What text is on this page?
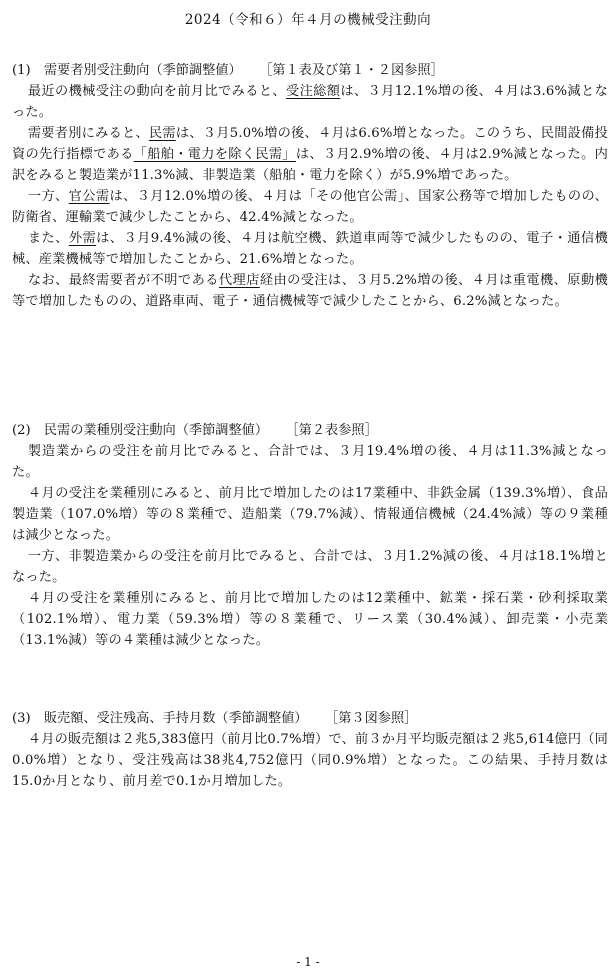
2024（令和６）年４月の機械受注動向
(1)　需要者別受注動向（季節調整値） ［第１表及び第１・２図参照］

最近の機械受注の動向を前月比でみると、受注総額は、３月12.1%増の後、４月は3.6%減となった。

需要者別にみると、民需は、３月5.0%増の後、４月は6.6%増となった。このうち、民間設備投資の先行指標である「船舶・電力を除く民需」は、３月2.9%増の後、４月は2.9%減となった。内訳をみると製造業が11.3%減、非製造業（船舶・電力を除く）が5.9%増であった。

一方、官公需は、３月12.0%増の後、４月は「その他官公需」、国家公務等で増加したものの、防衛省、運輸業で減少したことから、42.4%減となった。

また、外需は、３月9.4%減の後、４月は航空機、鉄道車両等で減少したものの、電子・通信機械、産業機械等で増加したことから、21.6%増となった。

なお、最終需要者が不明である代理店経由の受注は、３月5.2%増の後、４月は重電機、原動機等で増加したものの、道路車両、電子・通信機械等で減少したことから、6.2%減となった。

(2)　民需の業種別受注動向（季節調整値） ［第２表参照］

製造業からの受注を前月比でみると、合計では、３月19.4%増の後、４月は11.3%減となった。

４月の受注を業種別にみると、前月比で増加したのは17業種中、非鉄金属（139.3%増）、食品製造業（107.0%増）等の８業種で、造船業（79.7%減）、情報通信機械（24.4%減）等の９業種は減少となった。

一方、非製造業からの受注を前月比でみると、合計では、３月1.2%減の後、４月は18.1%増となった。

４月の受注を業種別にみると、前月比で増加したのは12業種中、鉱業・採石業・砂利採取業（102.1%増）、電力業（59.3%増）等の８業種で、リース業（30.4%減）、卸売業・小売業（13.1%減）等の４業種は減少となった。

(3)　販売額、受注残高、手持月数（季節調整値） ［第３図参照］

４月の販売額は２兆5,383億円（前月比0.7%増）で、前３か月平均販売額は２兆5,614億円（同0.0%増）となり、受注残高は38兆4,752億円（同0.9%増）となった。この結果、手持月数は15.0か月となり、前月差で0.1か月増加した。

- 1 -
